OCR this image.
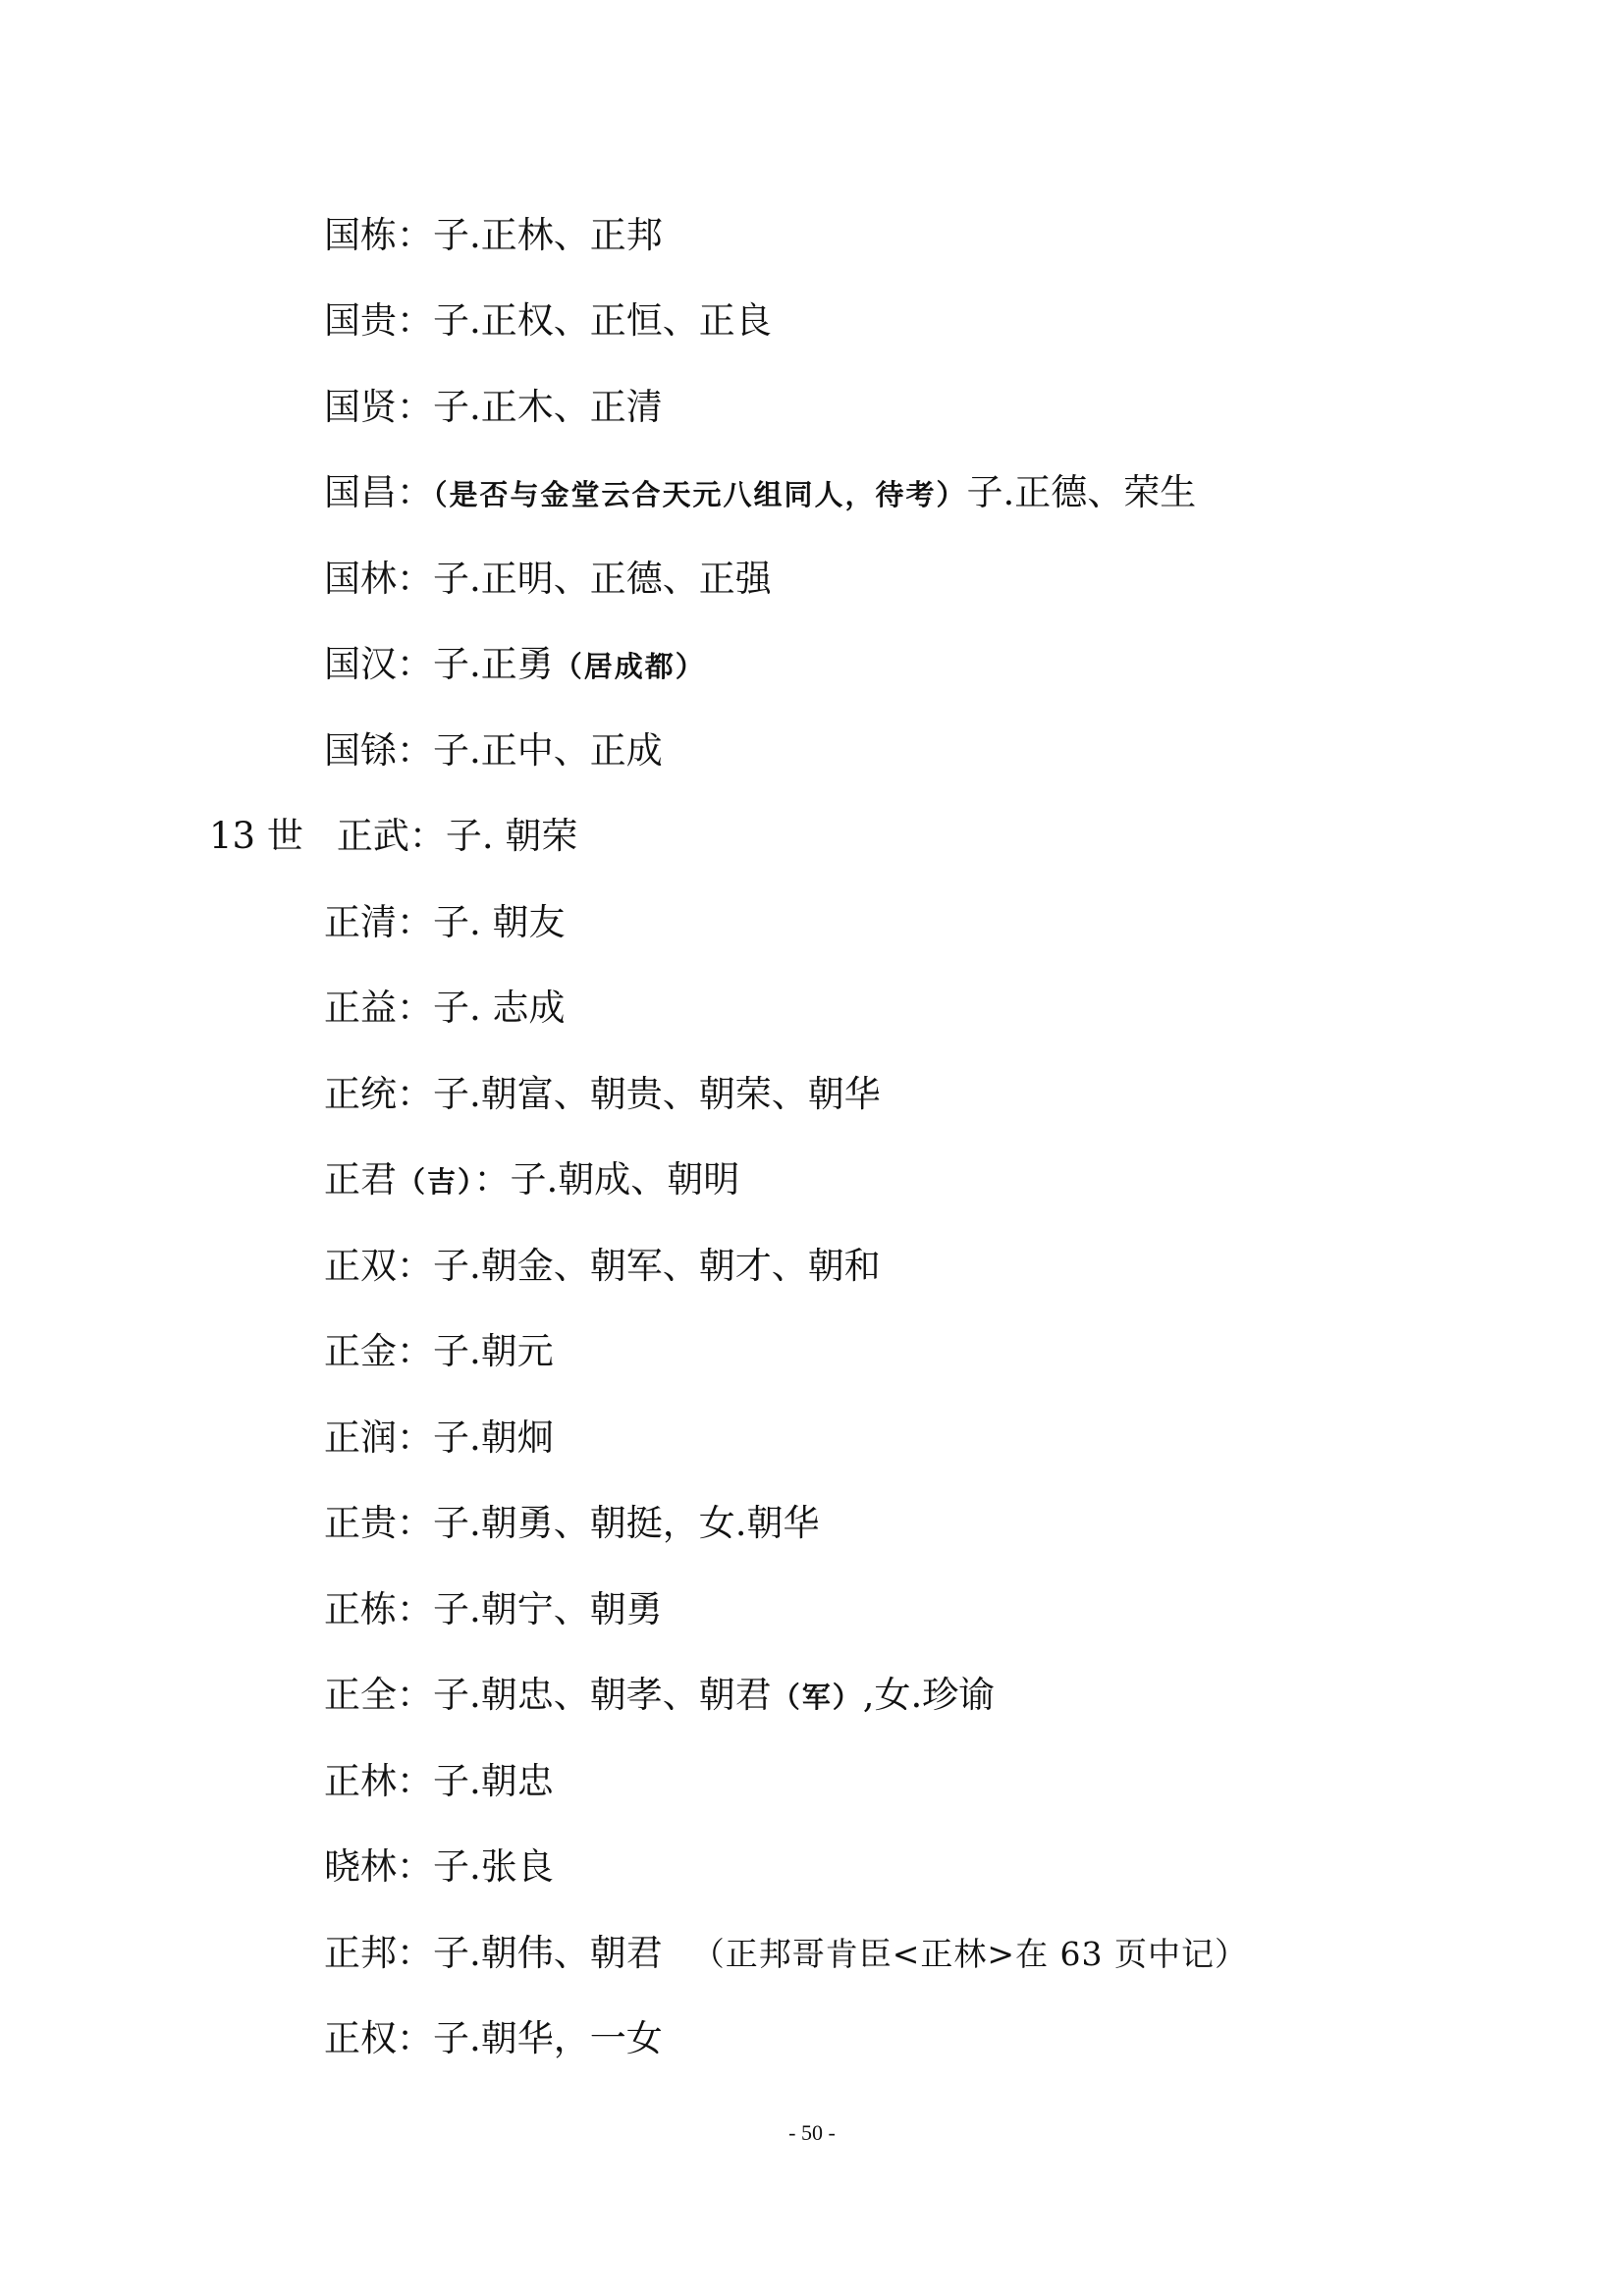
国栋：子.正林、正邦
国贵：子.正权、正恒、正良
国贤：子.正木、正清
国昌：（是否与金堂云合天元八组同人，待考）子.正德、荣生
国林：子.正明、正德、正强
国汉：子.正勇（居成都）
国铩：子.正中、正成
13 世 正武：子. 朝荣
正清：子. 朝友
正益：子. 志成
正统：子.朝富、朝贵、朝荣、朝华
正君（吉）：子.朝成、朝明
正双：子.朝金、朝军、朝才、朝和
正金：子.朝元
正润：子.朝炯
正贵：子.朝勇、朝挺，女.朝华
正栋：子.朝宁、朝勇
正全：子.朝忠、朝孝、朝君（军）,女.珍谕
正林：子.朝忠
晓林：子.张良
正邦：子.朝伟、朝君 （正邦哥肯臣<正林>在 63 页中记）
正权：子.朝华，一女
- 50 -
